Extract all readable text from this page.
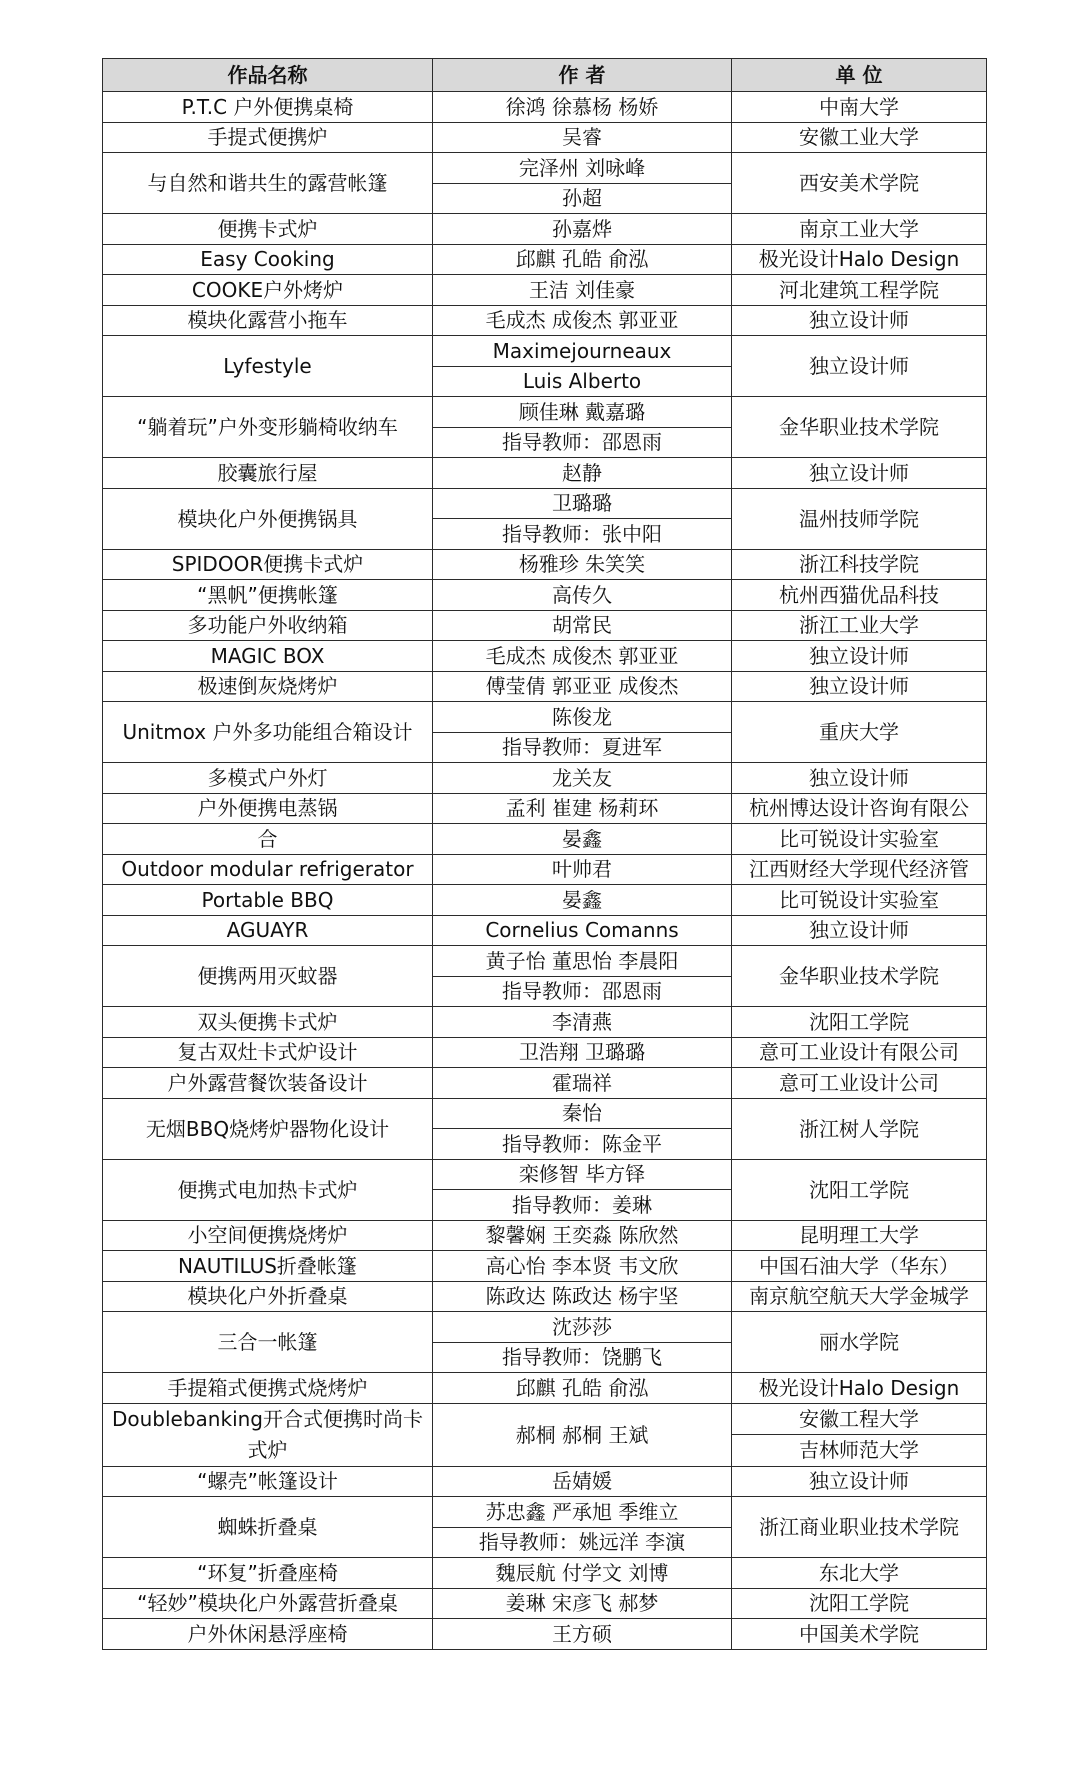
作品名称	作 者	单 位
P.T.C 户外便携桌椅	徐鸿 徐慕杨 杨娇	中南大学
手提式便携炉	吴睿	安徽工业大学
与自然和谐共生的露营帐篷	完泽州 刘咏峰	西安美术学院
	孙超	
便携卡式炉	孙嘉烨	南京工业大学
Easy Cooking	邱麒 孔皓 俞泓	极光设计Halo Design
COOKE户外烤炉	王洁 刘佳豪	河北建筑工程学院
模块化露营小拖车	毛成杰 成俊杰 郭亚亚	独立设计师
Lyfestyle	Maximejourneaux	独立设计师
	Luis Alberto	
“躺着玩”户外变形躺椅收纳车	顾佳琳 戴嘉璐	金华职业技术学院
	指导教师：邵恩雨	
胶囊旅行屋	赵静	独立设计师
模块化户外便携锅具	卫璐璐	温州技师学院
	指导教师：张中阳	
SPIDOOR便携卡式炉	杨雅珍 朱笑笑	浙江科技学院
“黑帆”便携帐篷	高传久	杭州西猫优品科技
多功能户外收纳箱	胡常民	浙江工业大学
MAGIC BOX	毛成杰 成俊杰 郭亚亚	独立设计师
极速倒灰烧烤炉	傅莹倩 郭亚亚 成俊杰	独立设计师
Unitmox 户外多功能组合箱设计	陈俊龙	重庆大学
	指导教师：夏进军	
多模式户外灯	龙关友	独立设计师
户外便携电蒸锅	孟利 崔建 杨莉环	杭州博达设计咨询有限公
合	晏鑫	比可锐设计实验室
Outdoor modular refrigerator	叶帅君	江西财经大学现代经济管
Portable BBQ	晏鑫	比可锐设计实验室
AGUAYR	Cornelius Comanns	独立设计师
便携两用灭蚊器	黄子怡 董思怡 李晨阳	金华职业技术学院
	指导教师：邵恩雨	
双头便携卡式炉	李清燕	沈阳工学院
复古双灶卡式炉设计	卫浩翔 卫璐璐	意可工业设计有限公司
户外露营餐饮装备设计	霍瑞祥	意可工业设计公司
无烟BBQ烧烤炉器物化设计	秦怡	浙江树人学院
	指导教师：陈金平	
便携式电加热卡式炉	栾修智 毕方铎	沈阳工学院
	指导教师：姜琳	
小空间便携烧烤炉	黎馨娴 王奕淼 陈欣然	昆明理工大学
NAUTILUS折叠帐篷	高心怡 李本贤 韦文欣	中国石油大学（华东）
模块化户外折叠桌	陈政达 陈政达 杨宇坚	南京航空航天大学金城学
三合一帐篷	沈莎莎	丽水学院
	指导教师：饶鹏飞	
手提箱式便携式烧烤炉	邱麒 孔皓 俞泓	极光设计Halo Design
Doublebanking开合式便携时尚卡式炉	郝桐 郝桐 王斌	安徽工程大学
		吉林师范大学
“螺壳”帐篷设计	岳婧媛	独立设计师
蜘蛛折叠桌	苏忠鑫 严承旭 季维立	浙江商业职业技术学院
	指导教师：姚远洋 李演	
“环复”折叠座椅	魏辰航 付学文 刘博	东北大学
“轻妙”模块化户外露营折叠桌	姜琳 宋彦飞 郝梦	沈阳工学院
户外休闲悬浮座椅	王方硕	中国美术学院
